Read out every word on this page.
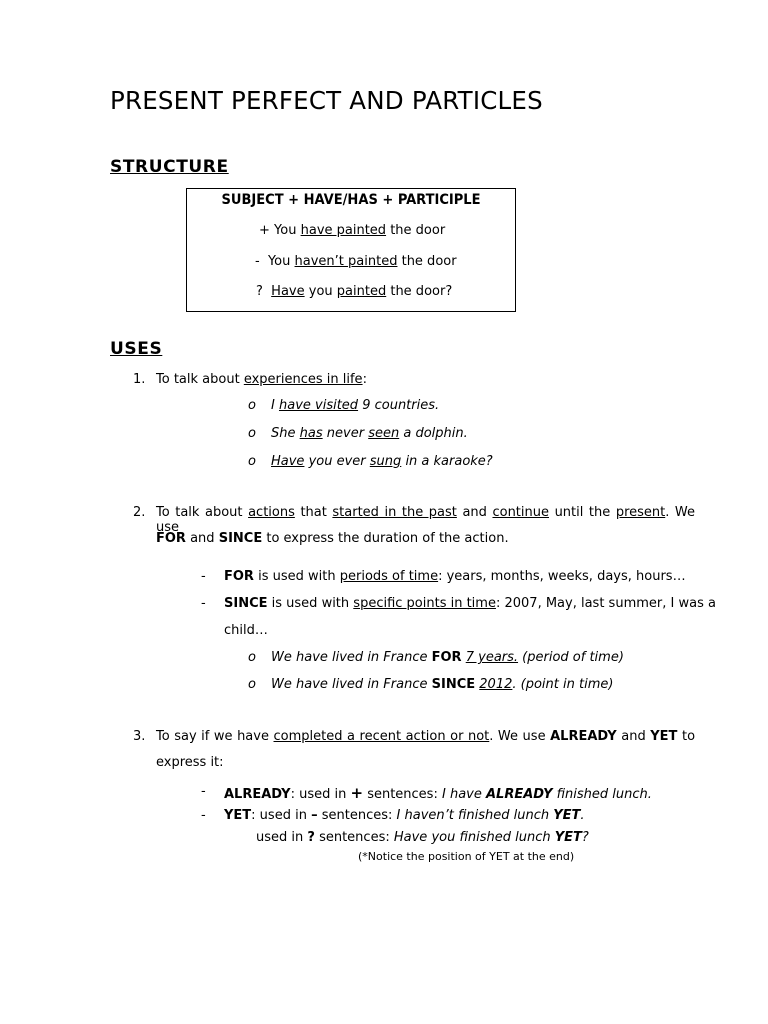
PRESENT PERFECT AND PARTICLES
STRUCTURE
SUBJECT + HAVE/HAS + PARTICIPLE
+ You have painted the door
- You haven’t painted the door
? Have you painted the door?
USES
1. To talk about experiences in life:
o I have visited 9 countries.
o She has never seen a dolphin.
o Have you ever sung in a karaoke?
2. To talk about actions that started in the past and continue until the present. We use
FOR and SINCE to express the duration of the action.
- FOR is used with periods of time: years, months, weeks, days, hours…
- SINCE is used with specific points in time: 2007, May, last summer, I was a
child…
o We have lived in France FOR 7 years. (period of time)
o We have lived in France SINCE 2012. (point in time)
3. To say if we have completed a recent action or not. We use ALREADY and YET to
express it:
- ALREADY: used in + sentences: I have ALREADY finished lunch.
- YET: used in – sentences: I haven’t finished lunch YET.
used in ? sentences: Have you finished lunch YET?
(*Notice the position of YET at the end)
